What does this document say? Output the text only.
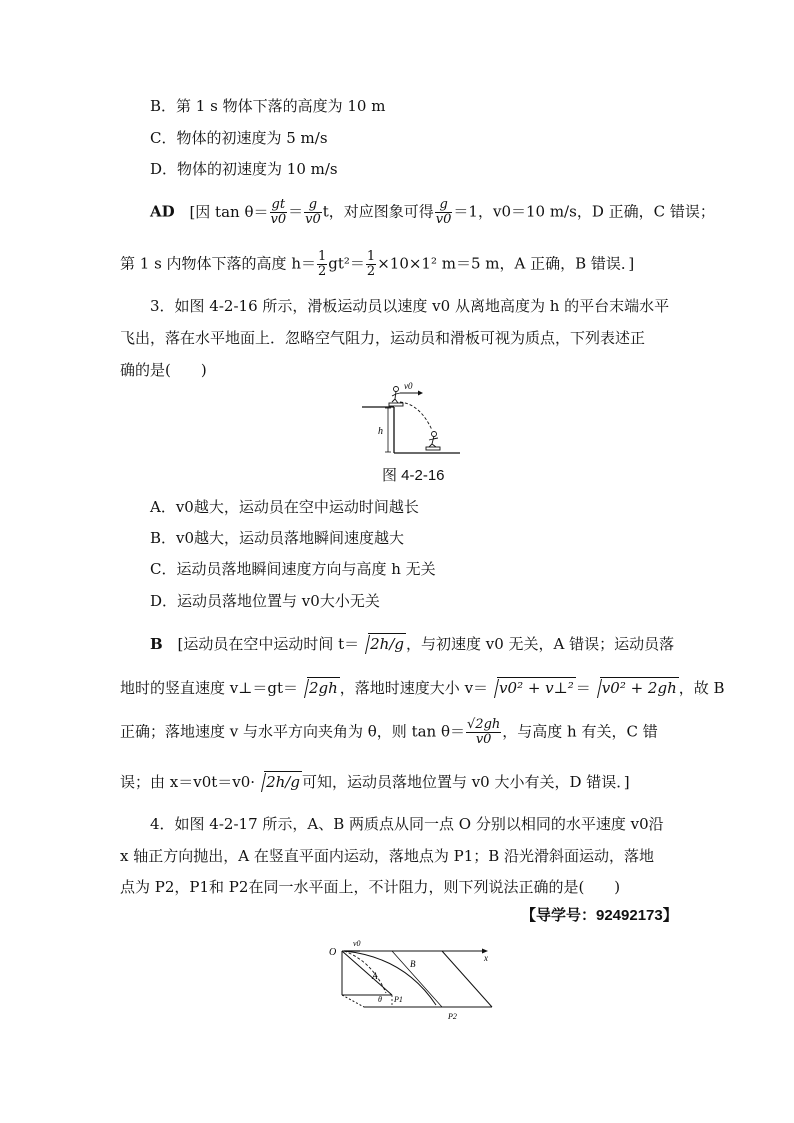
B．第 1 s 物体下落的高度为 10 m
C．物体的初速度为 5 m/s
D．物体的初速度为 10 m/s
AD [因 $\tan \theta= \frac{gt}{v0} = \frac{g}{v0}$ t，对应图象可得 $\frac{g}{v0} =1$，v0＝10 m/s，D 正确，C 错误；
第 1 s 内物体下落的高度 $h= \frac{1}{2} gt^2= \frac{1}{2} \times 10\times 1^2$ m＝5 m，A 正确，B 错误．]
3．如图 4-2-16 所示，滑板运动员以速度 v0 从离地高度为 h 的平台末端水平
飞出，落在水平地面上．忽略空气阻力，运动员和滑板可视为质点，下列表述正
确的是(　　)
h
v0
图 4-2-16
A．v0越大，运动员在空中运动时间越长
B．v0越大，运动员落地瞬间速度越大
C．运动员落地瞬间速度方向与高度 h 无关
D．运动员落地位置与 v0大小无关
B [运动员在空中运动时间 t＝ 2h/g ，与初速度 v0 无关，A 错误；运动员落
地时的竖直速度 v⊥＝gt＝ 2gh ，落地时速度大小 v＝ v0² + v⊥² ＝ v0² + 2gh ，故 B
正确；落地速度 v 与水平方向夹角为 θ，则 $\tan \theta= \frac{√2gh}{v0}$ ，与高度 h 有关，C 错
误；由 x＝v0t＝v0· 2h/g 可知，运动员落地位置与 v0 大小有关，D 错误．]
4．如图 4-2-17 所示，A、B 两质点从同一点 O 分别以相同的水平速度 v0沿
x 轴正方向抛出，A 在竖直平面内运动，落地点为 P1；B 沿光滑斜面运动，落地
点为 P2，P1和 P2在同一水平面上，不计阻力，则下列说法正确的是(　　)
【导学号：92492173】
x
O
v0
A
B
θ P1
P2
